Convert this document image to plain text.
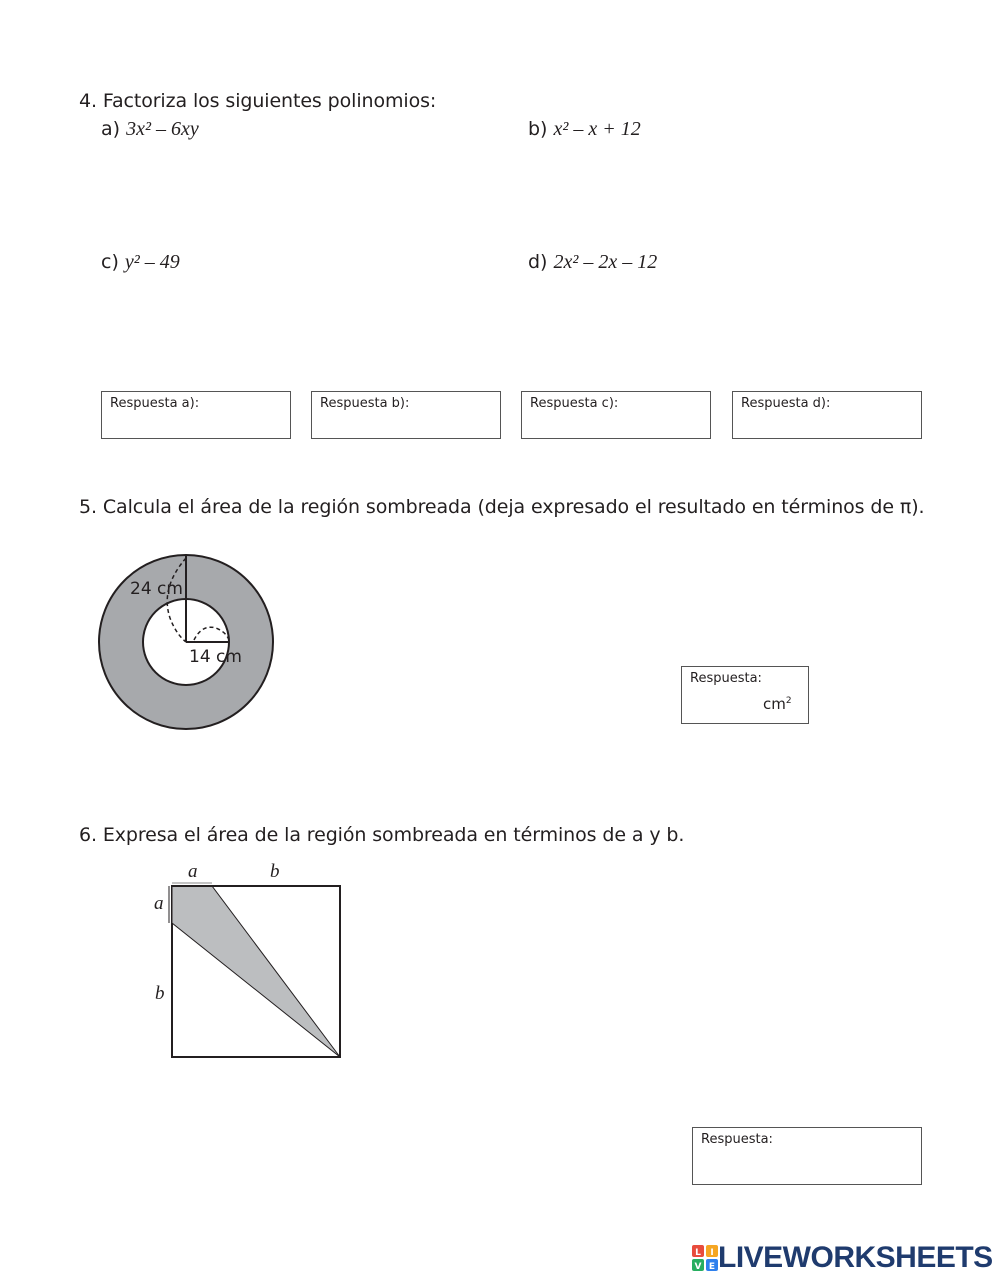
4. Factoriza los siguientes polinomios:
a) 3x² – 6xy	b) x² – x + 12
c) y² – 49	d) 2x² – 2x – 12
Respuesta a):	Respuesta b):	Respuesta c):	Respuesta d):
5. Calcula el área de la región sombreada (deja expresado el resultado en términos de π).
24 cm
14 cm
Respuesta:
$cm^2$
6. Expresa el área de la región sombreada en términos de a y b.
a	b
a
b
Respuesta:
L I
V E LIVEWORKSHEETS
